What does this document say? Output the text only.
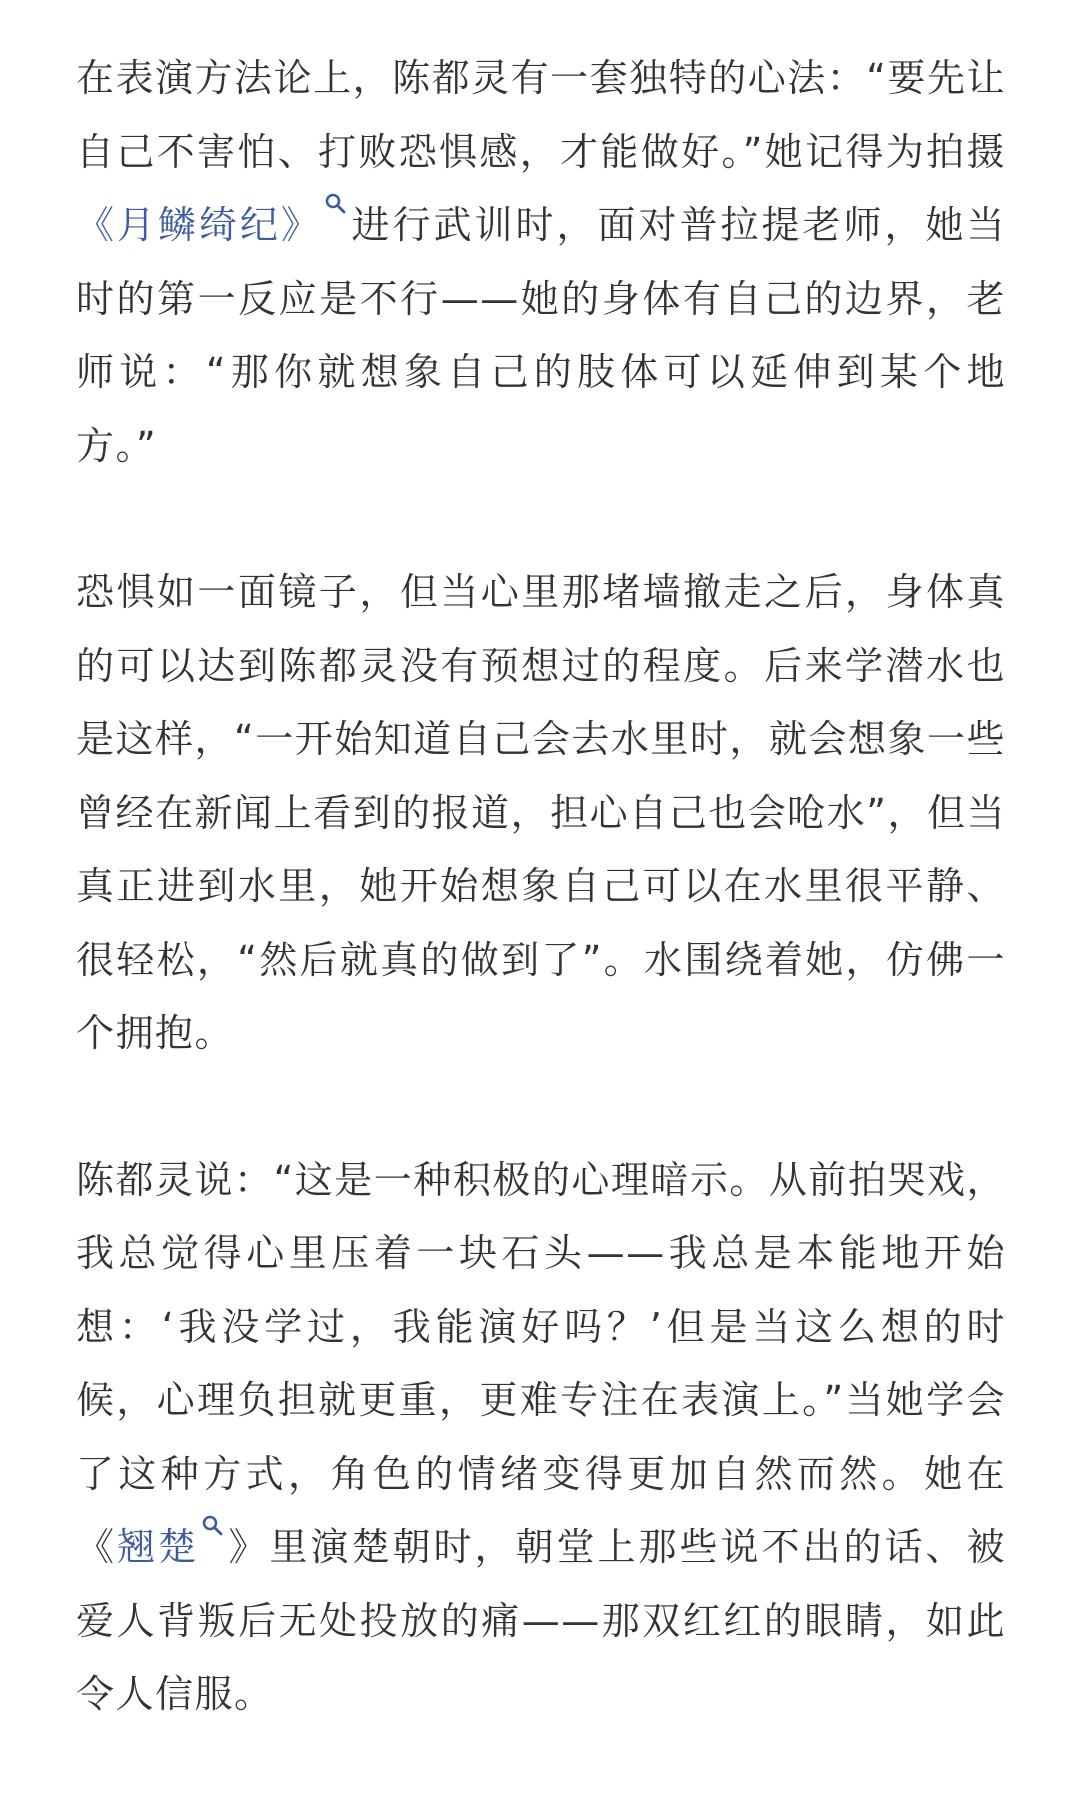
在表演方法论上，陈都灵有一套独特的心法：“要先让自己不害怕、打败恐惧感，才能做好。”她记得为拍摄《月鳞绮纪》 进行武训时，面对普拉提老师，她当时的第一反应是不行——她的身体有自己的边界，老师说：“那你就想象自己的肢体可以延伸到某个地方。”

恐惧如一面镜子，但当心里那堵墙撤走之后，身体真的可以达到陈都灵没有预想过的程度。后来学潜水也是这样，“一开始知道自己会去水里时，就会想象一些曾经在新闻上看到的报道，担心自己也会呛水”，但当真正进到水里，她开始想象自己可以在水里很平静、很轻松，“然后就真的做到了”。水围绕着她，仿佛一个拥抱。

陈都灵说：“这是一种积极的心理暗示。从前拍哭戏，我总觉得心里压着一块石头——我总是本能地开始想：‘我没学过，我能演好吗？’但是当这么想的时候，心理负担就更重，更难专注在表演上。”当她学会了这种方式，角色的情绪变得更加自然而然。她在《翘楚 》里演楚朝时，朝堂上那些说不出的话、被爱人背叛后无处投放的痛——那双红红的眼睛，如此令人信服。
